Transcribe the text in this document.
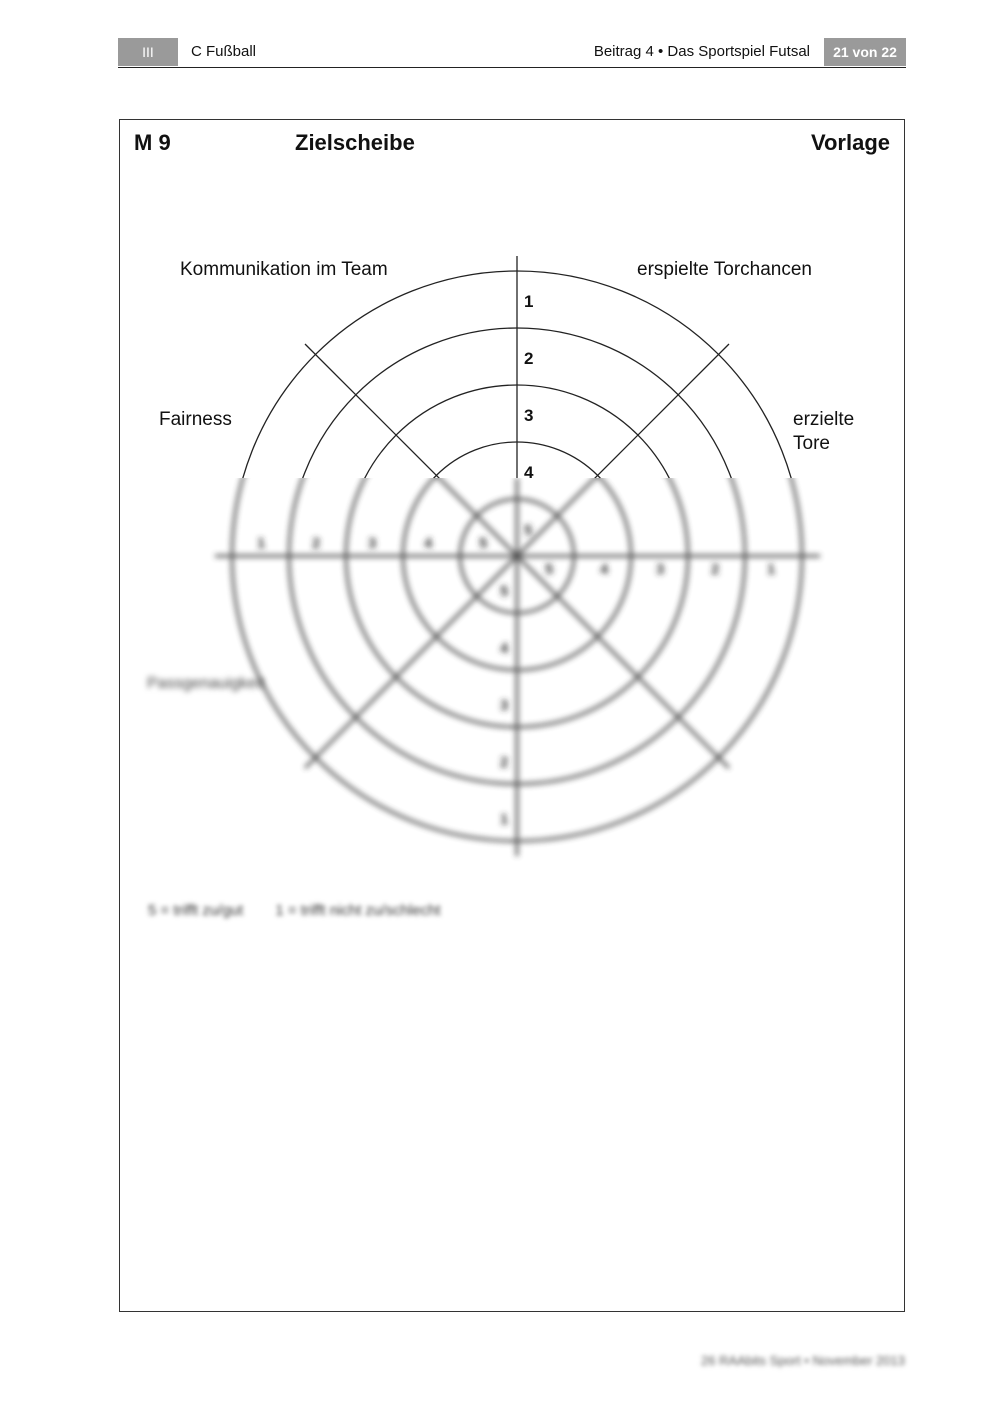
III	C Fußball	Beitrag 4 • Das Sportspiel Futsal	21 von 22
M 9	Zielscheibe	Vorlage
Kommunikation im Team	erspielte Torchancen
Fairness	erzielte Tore
Passgenauigkeit
1
2
3
4
1	2	3	4	5
5	4	3	2	1
5
5
4
3
2
1
5 = trifft zu/gut 1 = trifft nicht zu/schlecht
26 RAAbits Sport • November 2013
